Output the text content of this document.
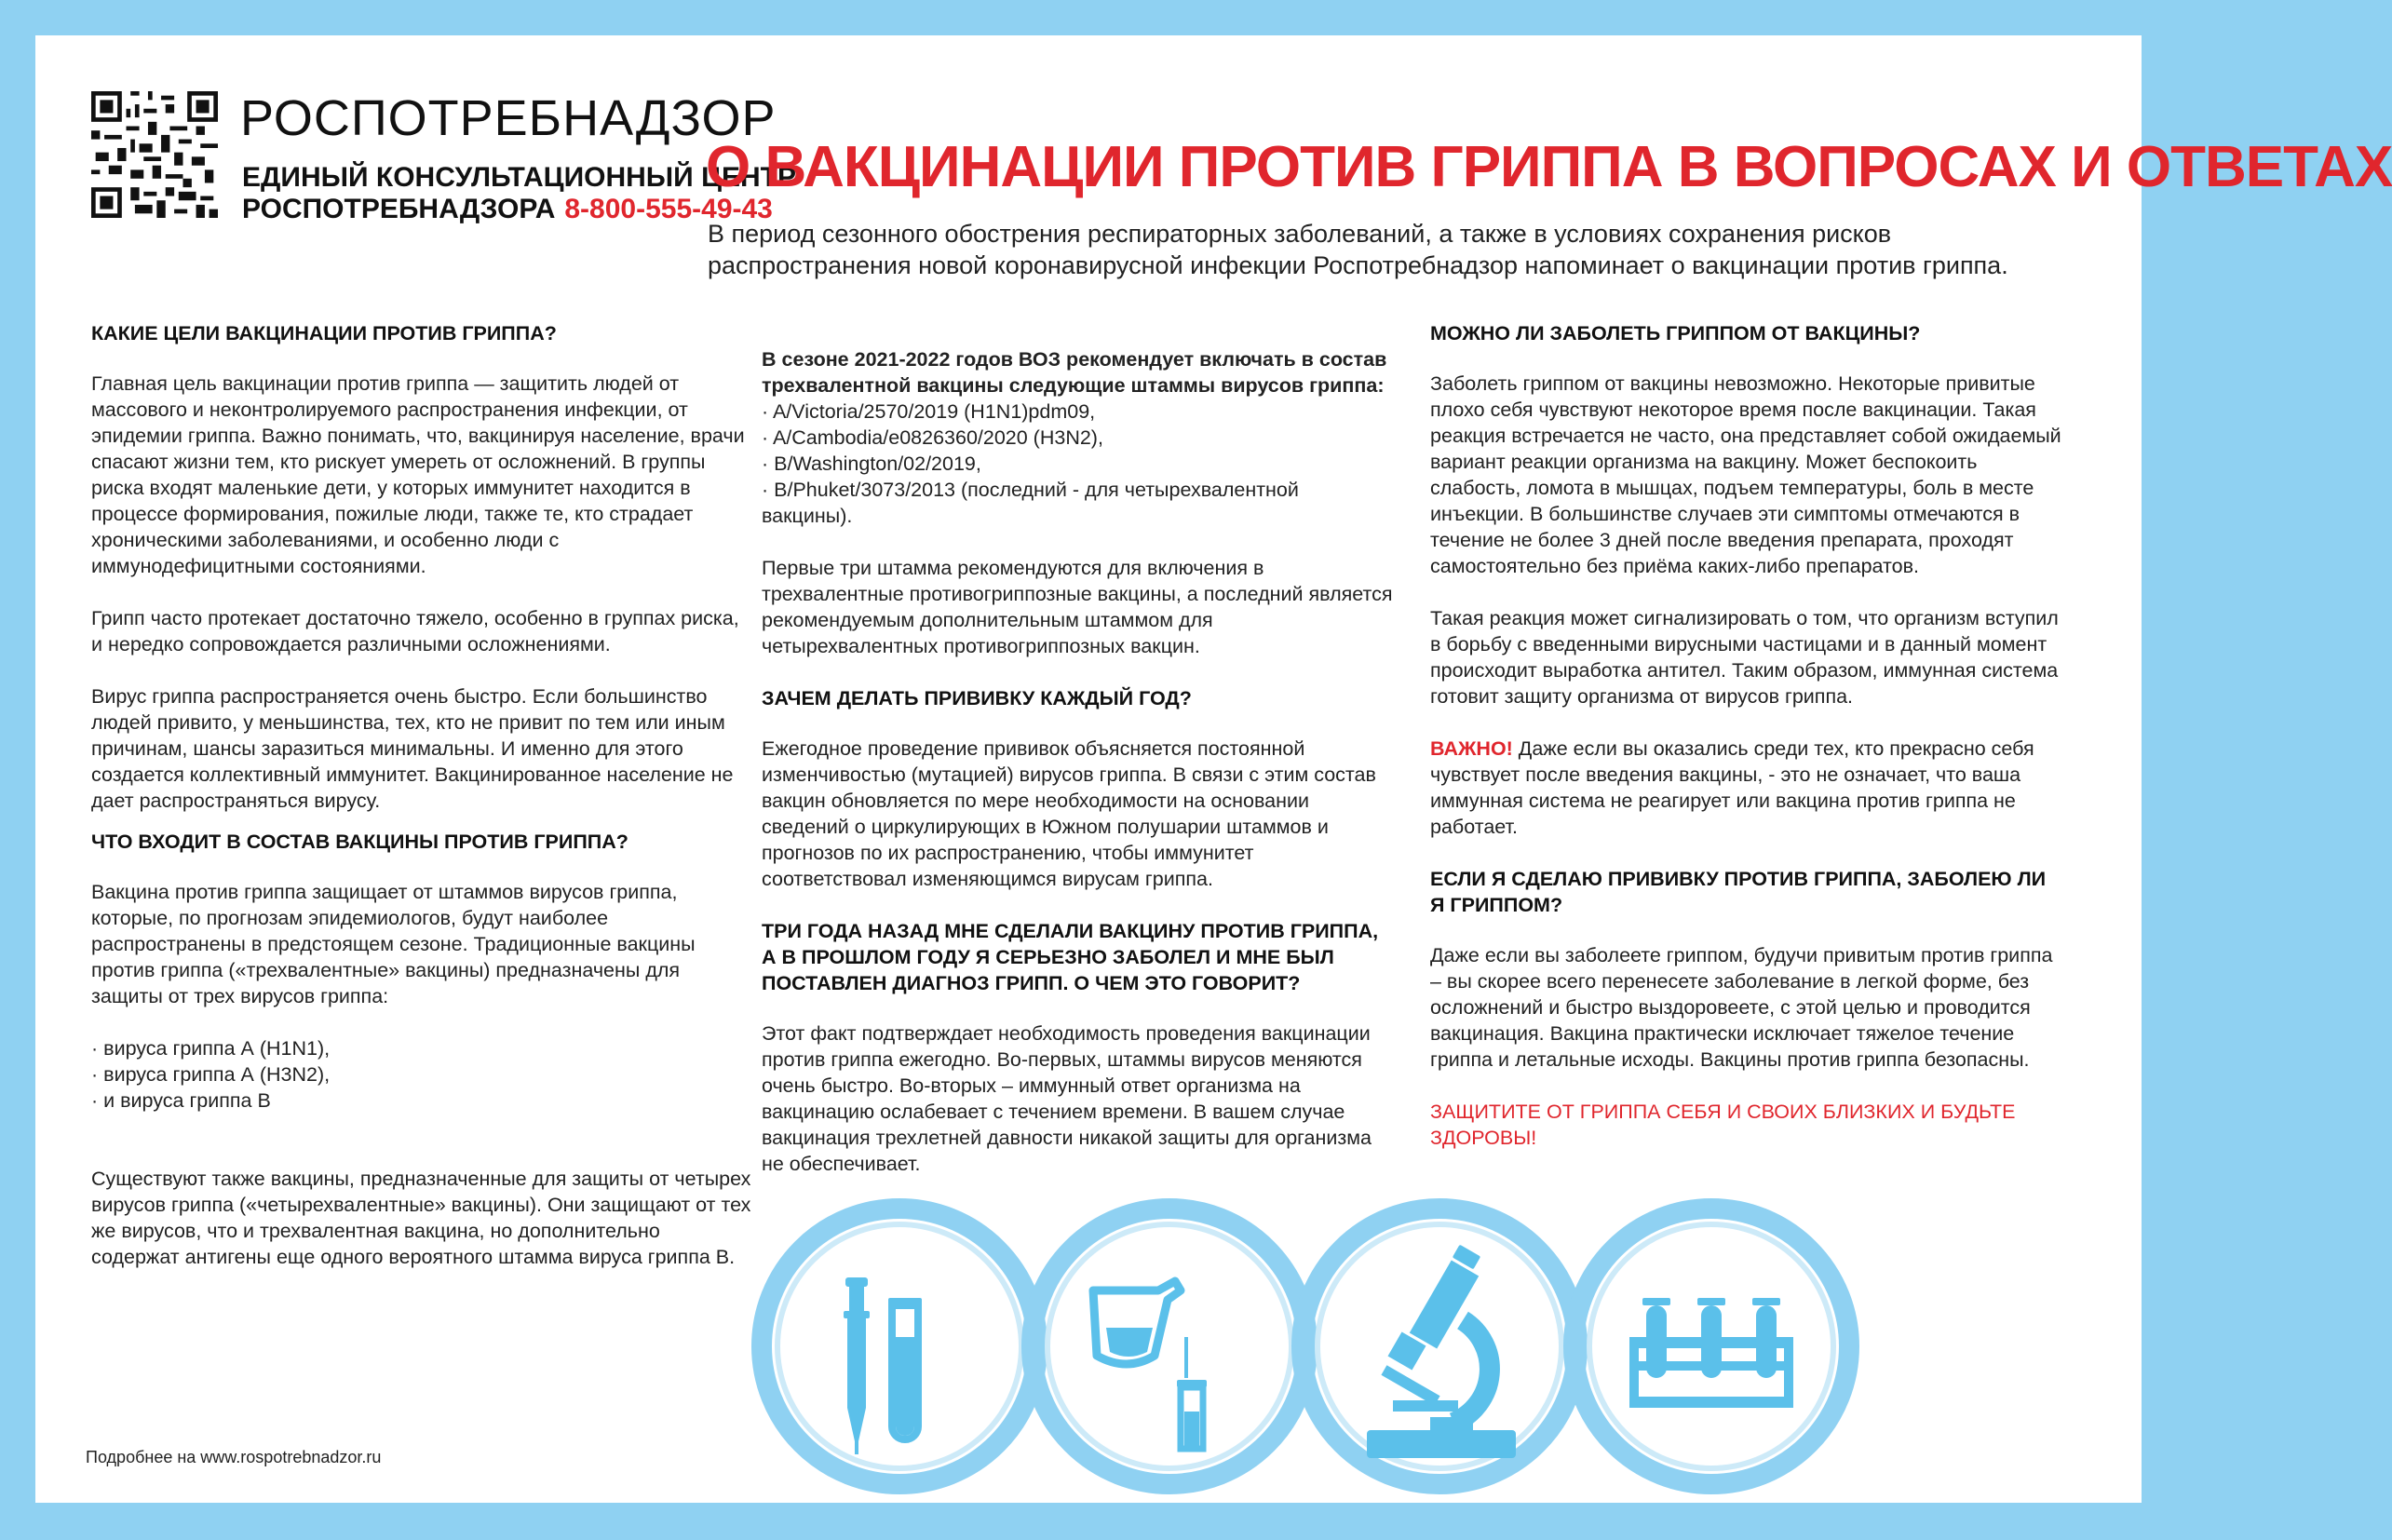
РОСПОТРЕБНАДЗОР
ЕДИНЫЙ КОНСУЛЬТАЦИОННЫЙ ЦЕНТР
РОСПОТРЕБНАДЗОРА 8-800-555-49-43
О ВАКЦИНАЦИИ ПРОТИВ ГРИППА В ВОПРОСАХ И ОТВЕТАХ
В период сезонного обострения респираторных заболеваний, а также в условиях сохранения рисков распространения новой коронавирусной инфекции Роспотребнадзор напоминает о вакцинации против гриппа.
КАКИЕ ЦЕЛИ ВАКЦИНАЦИИ ПРОТИВ ГРИППА?

Главная цель вакцинации против гриппа — защитить людей от массового и неконтролируемого распространения инфекции, от эпидемии гриппа. Важно понимать, что, вакцинируя население, врачи спасают жизни тем, кто рискует умереть от осложнений. В группы риска входят маленькие дети, у которых иммунитет находится в процессе формирования, пожилые люди, также те, кто страдает хроническими заболеваниями, и особенно люди с иммунодефицитными состояниями.

Грипп часто протекает достаточно тяжело, особенно в группах риска, и нередко сопровождается различными осложнениями.

Вирус гриппа распространяется очень быстро. Если большинство людей привито, у меньшинства, тех, кто не привит по тем или иным причинам, шансы заразиться минимальны. И именно для этого создается коллективный иммунитет. Вакцинированное население не дает распространяться вирусу.

ЧТО ВХОДИТ В СОСТАВ ВАКЦИНЫ ПРОТИВ ГРИППА?

Вакцина против гриппа защищает от штаммов вирусов гриппа, которые, по прогнозам эпидемиологов, будут наиболее распространены в предстоящем сезоне. Традиционные вакцины против гриппа («трехвалентные» вакцины) предназначены для защиты от трех вирусов гриппа:

· вируса гриппа А (H1N1),
· вируса гриппа А (H3N2),
· и вируса гриппа В

Существуют также вакцины, предназначенные для защиты от четырех вирусов гриппа («четырехвалентные» вакцины). Они защищают от тех же вирусов, что и трехвалентная вакцина, но дополнительно содержат антигены еще одного вероятного штамма вируса гриппа В.

В сезоне 2021-2022 годов ВОЗ рекомендует включать в состав трехвалентной вакцины следующие штаммы вирусов гриппа:

· A/Victoria/2570/2019 (H1N1)pdm09,
· A/Cambodia/e0826360/2020 (H3N2),
· B/Washington/02/2019,
· B/Phuket/3073/2013 (последний - для четырехвалентной вакцины).

Первые три штамма рекомендуются для включения в трехвалентные противогриппозные вакцины, а последний является рекомендуемым дополнительным штаммом для четырехвалентных противогриппозных вакцин.

ЗАЧЕМ ДЕЛАТЬ ПРИВИВКУ КАЖДЫЙ ГОД?

Ежегодное проведение прививок объясняется постоянной изменчивостью (мутацией) вирусов гриппа. В связи с этим состав вакцин обновляется по мере необходимости на основании сведений о циркулирующих в Южном полушарии штаммов и прогнозов по их распространению, чтобы иммунитет соответствовал изменяющимся вирусам гриппа.

ТРИ ГОДА НАЗАД МНЕ СДЕЛАЛИ ВАКЦИНУ ПРОТИВ ГРИППА, А В ПРОШЛОМ ГОДУ Я СЕРЬЕЗНО ЗАБОЛЕЛ И МНЕ БЫЛ ПОСТАВЛЕН ДИАГНОЗ ГРИПП. О ЧЕМ ЭТО ГОВОРИТ?

Этот факт подтверждает необходимость проведения вакцинации против гриппа ежегодно. Во-первых, штаммы вирусов меняются очень быстро. Во-вторых – иммунный ответ организма на вакцинацию ослабевает с течением времени. В вашем случае вакцинация трехлетней давности никакой защиты для организма не обеспечивает.

МОЖНО ЛИ ЗАБОЛЕТЬ ГРИППОМ ОТ ВАКЦИНЫ?

Заболеть гриппом от вакцины невозможно. Некоторые привитые плохо себя чувствуют некоторое время после вакцинации. Такая реакция встречается не часто, она представляет собой ожидаемый вариант реакции организма на вакцину. Может беспокоить слабость, ломота в мышцах, подъем температуры, боль в месте инъекции. В большинстве случаев эти симптомы отмечаются в течение не более 3 дней после введения препарата, проходят самостоятельно без приёма каких-либо препаратов.

Такая реакция может сигнализировать о том, что организм вступил в борьбу с введенными вирусными частицами и в данный момент происходит выработка антител. Таким образом, иммунная система готовит защиту организма от вирусов гриппа.

ВАЖНО! Даже если вы оказались среди тех, кто прекрасно себя чувствует после введения вакцины, - это не означает, что ваша иммунная система не реагирует или вакцина против гриппа не работает.

ЕСЛИ Я СДЕЛАЮ ПРИВИВКУ ПРОТИВ ГРИППА, ЗАБОЛЕЮ ЛИ Я ГРИППОМ?

Даже если вы заболеете гриппом, будучи привитым против гриппа – вы скорее всего перенесете заболевание в легкой форме, без осложнений и быстро выздоровеете, с этой целью и проводится вакцинация. Вакцина практически исключает тяжелое течение гриппа и летальные исходы. Вакцины против гриппа безопасны.

ЗАЩИТИТЕ ОТ ГРИППА СЕБЯ И СВОИХ БЛИЗКИХ И БУДЬТЕ ЗДОРОВЫ!

Подробнее на www.rospotrebnadzor.ru
